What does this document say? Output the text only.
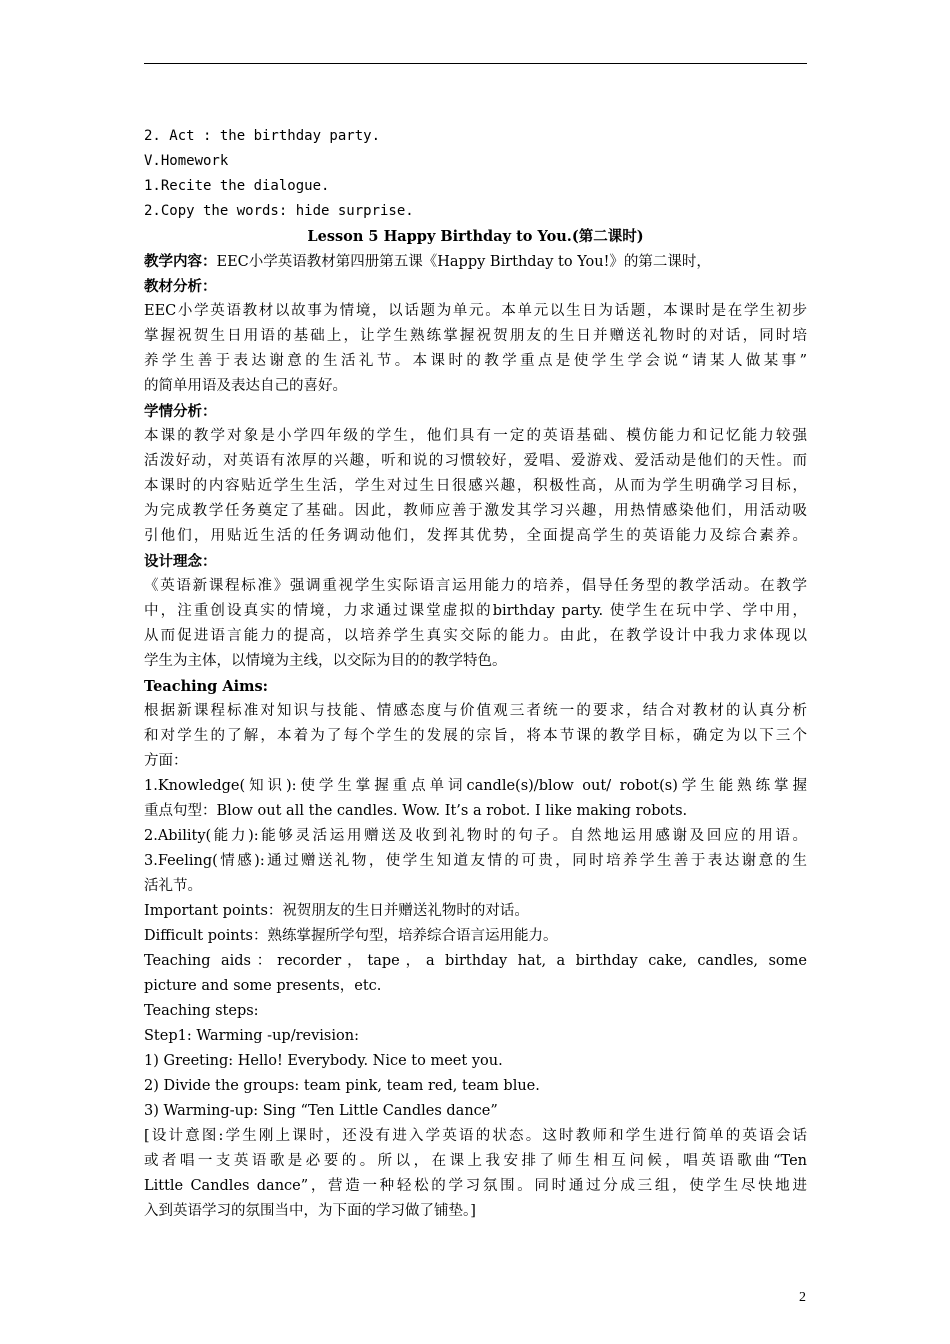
2. Act : the birthday party.
V.Homework
1.Recite the dialogue.
2.Copy the words: hide surprise.
Lesson 5 Happy Birthday to You.(第二课时)
教学内容：EEC小学英语教材第四册第五课《Happy Birthday to You!》的第二课时，
教材分析：
EEC小学英语教材以故事为情境，以话题为单元。本单元以生日为话题，本课时是在学生初步
掌握祝贺生日用语的基础上，让学生熟练掌握祝贺朋友的生日并赠送礼物时的对话，同时培
养学生善于表达谢意的生活礼节。本课时的教学重点是使学生学会说“请某人做某事”
的简单用语及表达自己的喜好。
学情分析：
本课的教学对象是小学四年级的学生，他们具有一定的英语基础、模仿能力和记忆能力较强
活泼好动，对英语有浓厚的兴趣，听和说的习惯较好，爱唱、爱游戏、爱活动是他们的天性。而
本课时的内容贴近学生生活，学生对过生日很感兴趣，积极性高，从而为学生明确学习目标，
为完成教学任务奠定了基础。因此，教师应善于激发其学习兴趣，用热情感染他们，用活动吸
引他们，用贴近生活的任务调动他们，发挥其优势，全面提高学生的英语能力及综合素养。
设计理念：
《英语新课程标准》强调重视学生实际语言运用能力的培养，倡导任务型的教学活动。在教学
中，注重创设真实的情境，力求通过课堂虚拟的birthday party. 使学生在玩中学、学中用，
从而促进语言能力的提高，以培养学生真实交际的能力。由此，在教学设计中我力求体现以
学生为主体，以情境为主线，以交际为目的的教学特色。
Teaching Aims:
根据新课程标准对知识与技能、情感态度与价值观三者统一的要求，结合对教材的认真分析
和对学生的了解，本着为了每个学生的发展的宗旨，将本节课的教学目标，确定为以下三个
方面：
1.Knowledge(知识):使学生掌握重点单词candle(s)/blow out/ robot(s)学生能熟练掌握
重点句型：Blow out all the candles. Wow. It’s a robot. I like making robots.
2.Ability(能力):能够灵活运用赠送及收到礼物时的句子。自然地运用感谢及回应的用语。
3.Feeling(情感):通过赠送礼物，使学生知道友情的可贵，同时培养学生善于表达谢意的生
活礼节。
Important points：祝贺朋友的生日并赠送礼物时的对话。
Difficult points：熟练掌握所学句型，培养综合语言运用能力。
Teaching aids：recorder，tape，a birthday hat, a birthday cake, candles, some
picture and some presents，etc.
Teaching steps:
Step1: Warming -up/revision:
1) Greeting: Hello! Everybody. Nice to meet you.
2) Divide the groups: team pink, team red, team blue.
3) Warming-up: Sing “Ten Little Candles dance”
[设计意图:学生刚上课时，还没有进入学英语的状态。这时教师和学生进行简单的英语会话
或者唱一支英语歌是必要的。所以，在课上我安排了师生相互问候，唱英语歌曲“Ten
Little Candles dance”，营造一种轻松的学习氛围。同时通过分成三组，使学生尽快地进
入到英语学习的氛围当中，为下面的学习做了铺垫。]
2
